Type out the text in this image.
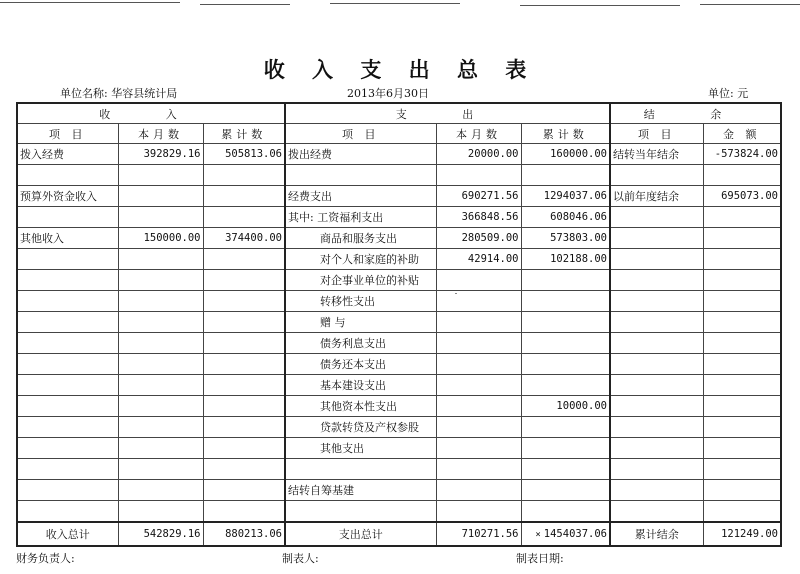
收 入 支 出 总 表
单位名称: 华容县统计局	2013年6月30日	单位: 元
收 入			支 出			结 余	
项 目	本月数	累计数	项 目	本月数	累计数	项 目	金 额
拨入经费	392829.16	505813.06	拨出经费	20000.00	160000.00	结转当年结余	-573824.00

预算外资金收入			经费支出	690271.56	1294037.06	以前年度结余	695073.00
			其中: 工资福利支出	366848.56	608046.06		
其他收入	150000.00	374400.00	商品和服务支出	280509.00	573803.00		
			对个人和家庭的补助	42914.00	102188.00		
			对企事业单位的补贴				
			转移性支出				
			赠 与				
			债务利息支出				
			债务还本支出				
			基本建设支出				
			其他资本性支出		10000.00		
			贷款转贷及产权参股				
			其他支出				

			结转自筹基建				

收入总计	542829.16	880213.06	支出总计	710271.56	× 1454037.06	累计结余	121249.00
财务负责人:	制表人:	制表日期:
